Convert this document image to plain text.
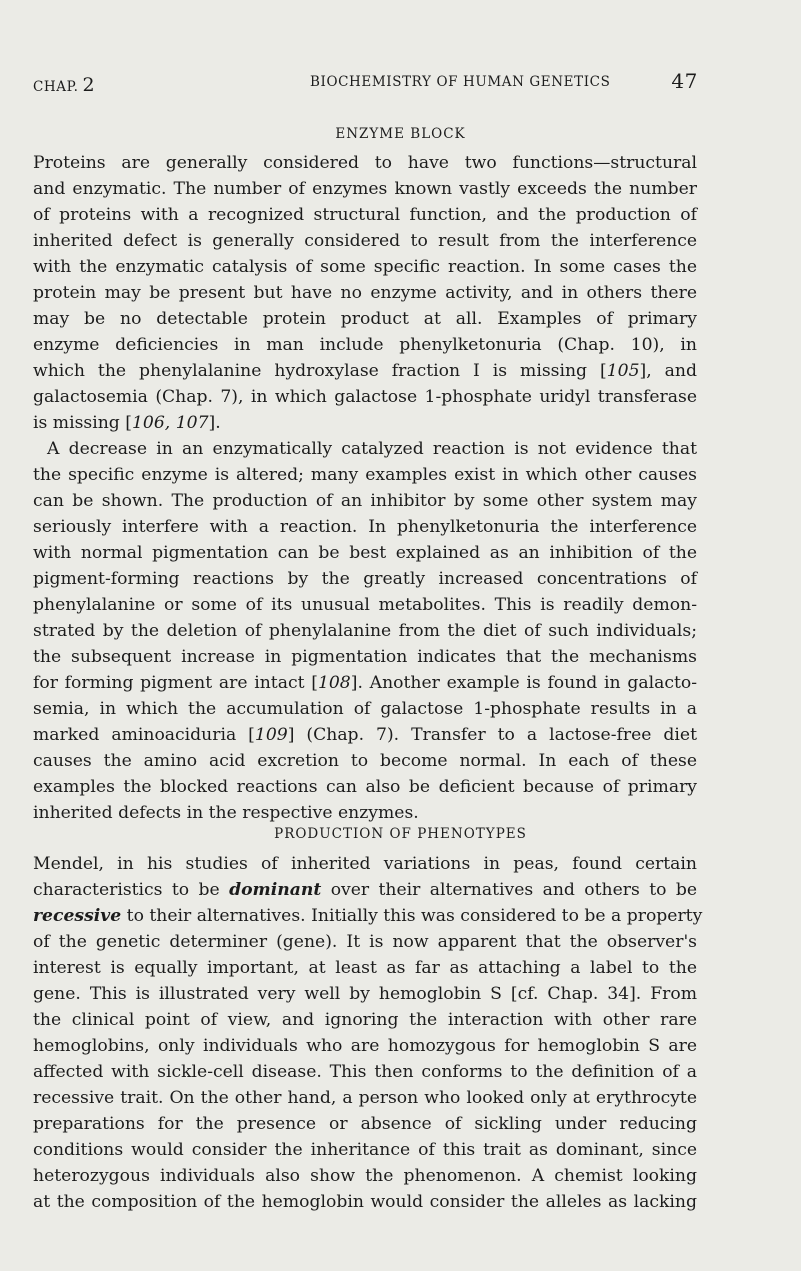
CHAP. 2	BIOCHEMISTRY OF HUMAN GENETICS	47
ENZYME BLOCK
Proteins are generally considered to have two functions—structural
and enzymatic. The number of enzymes known vastly exceeds the number
of proteins with a recognized structural function, and the production of
inherited defect is generally considered to result from the interference
with the enzymatic catalysis of some specific reaction. In some cases the
protein may be present but have no enzyme activity, and in others there
may be no detectable protein product at all. Examples of primary
enzyme deficiencies in man include phenylketonuria (Chap. 10), in
which the phenylalanine hydroxylase fraction I is missing [105], and
galactosemia (Chap. 7), in which galactose 1-phosphate uridyl transferase
is missing [106, 107].
A decrease in an enzymatically catalyzed reaction is not evidence that
the specific enzyme is altered; many examples exist in which other causes
can be shown. The production of an inhibitor by some other system may
seriously interfere with a reaction. In phenylketonuria the interference
with normal pigmentation can be best explained as an inhibition of the
pigment-forming reactions by the greatly increased concentrations of
phenylalanine or some of its unusual metabolites. This is readily demon-
strated by the deletion of phenylalanine from the diet of such individuals;
the subsequent increase in pigmentation indicates that the mechanisms
for forming pigment are intact [108]. Another example is found in galacto-
semia, in which the accumulation of galactose 1-phosphate results in a
marked aminoaciduria [109] (Chap. 7). Transfer to a lactose-free diet
causes the amino acid excretion to become normal. In each of these
examples the blocked reactions can also be deficient because of primary
inherited defects in the respective enzymes.
PRODUCTION OF PHENOTYPES
Mendel, in his studies of inherited variations in peas, found certain
characteristics to be dominant over their alternatives and others to be
recessive to their alternatives. Initially this was considered to be a property
of the genetic determiner (gene). It is now apparent that the observer's
interest is equally important, at least as far as attaching a label to the
gene. This is illustrated very well by hemoglobin S [cf. Chap. 34]. From
the clinical point of view, and ignoring the interaction with other rare
hemoglobins, only individuals who are homozygous for hemoglobin S are
affected with sickle-cell disease. This then conforms to the definition of a
recessive trait. On the other hand, a person who looked only at erythrocyte
preparations for the presence or absence of sickling under reducing
conditions would consider the inheritance of this trait as dominant, since
heterozygous individuals also show the phenomenon. A chemist looking
at the composition of the hemoglobin would consider the alleles as lacking
